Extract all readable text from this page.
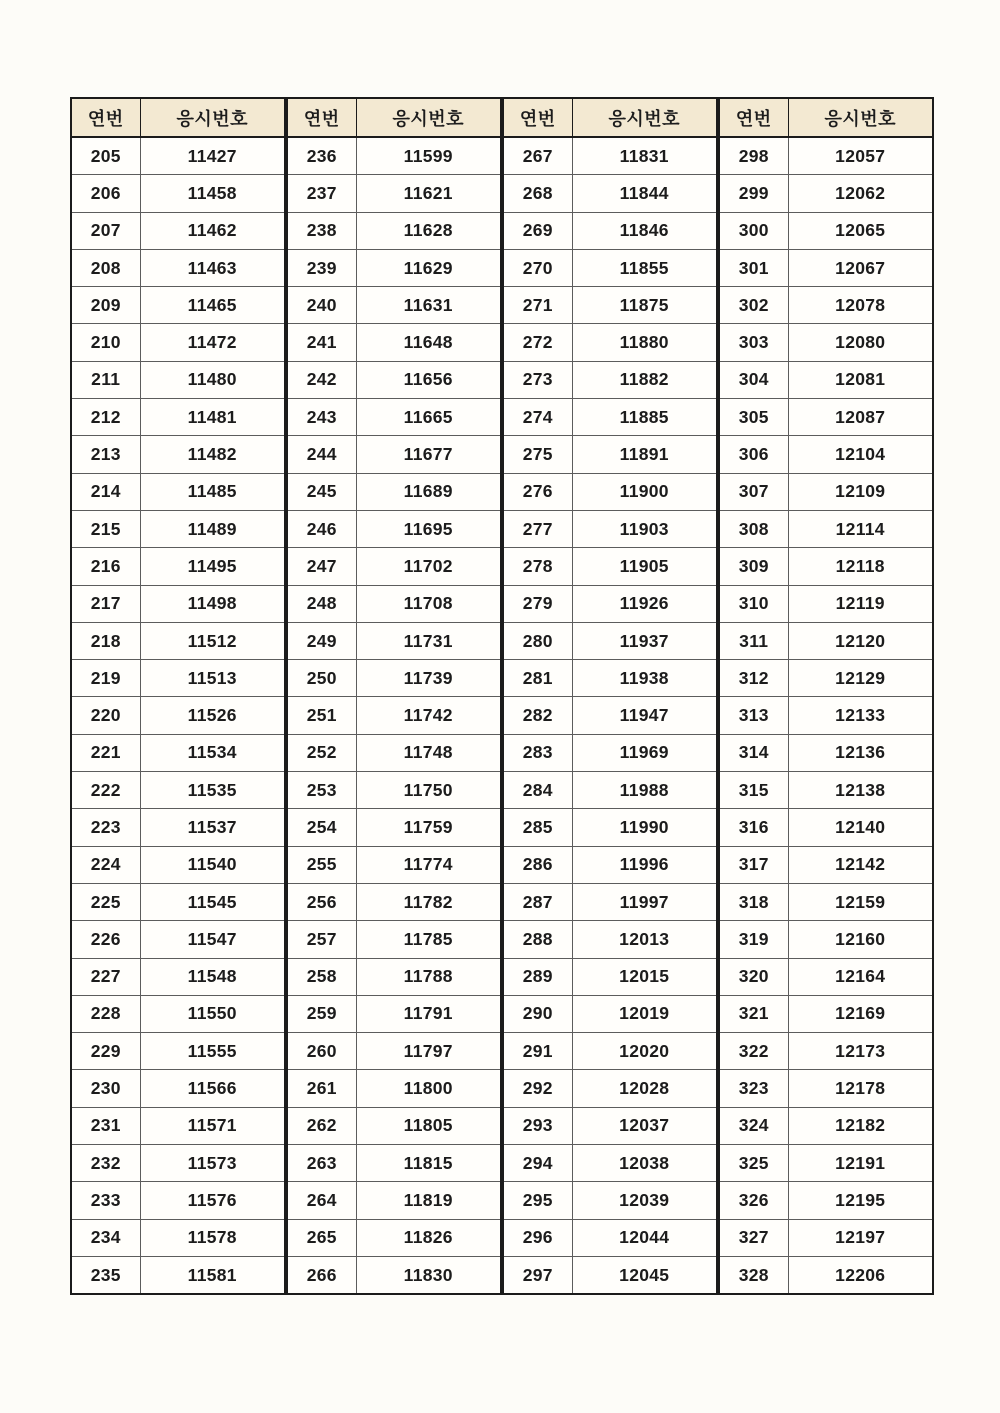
연번	응시번호
205	11427
206	11458
207	11462
208	11463
209	11465
210	11472
211	11480
212	11481
213	11482
214	11485
215	11489
216	11495
217	11498
218	11512
219	11513
220	11526
221	11534
222	11535
223	11537
224	11540
225	11545
226	11547
227	11548
228	11550
229	11555
230	11566
231	11571
232	11573
233	11576
234	11578
235	11581
연번	응시번호
236	11599
237	11621
238	11628
239	11629
240	11631
241	11648
242	11656
243	11665
244	11677
245	11689
246	11695
247	11702
248	11708
249	11731
250	11739
251	11742
252	11748
253	11750
254	11759
255	11774
256	11782
257	11785
258	11788
259	11791
260	11797
261	11800
262	11805
263	11815
264	11819
265	11826
266	11830
연번	응시번호
267	11831
268	11844
269	11846
270	11855
271	11875
272	11880
273	11882
274	11885
275	11891
276	11900
277	11903
278	11905
279	11926
280	11937
281	11938
282	11947
283	11969
284	11988
285	11990
286	11996
287	11997
288	12013
289	12015
290	12019
291	12020
292	12028
293	12037
294	12038
295	12039
296	12044
297	12045
연번	응시번호
298	12057
299	12062
300	12065
301	12067
302	12078
303	12080
304	12081
305	12087
306	12104
307	12109
308	12114
309	12118
310	12119
311	12120
312	12129
313	12133
314	12136
315	12138
316	12140
317	12142
318	12159
319	12160
320	12164
321	12169
322	12173
323	12178
324	12182
325	12191
326	12195
327	12197
328	12206
